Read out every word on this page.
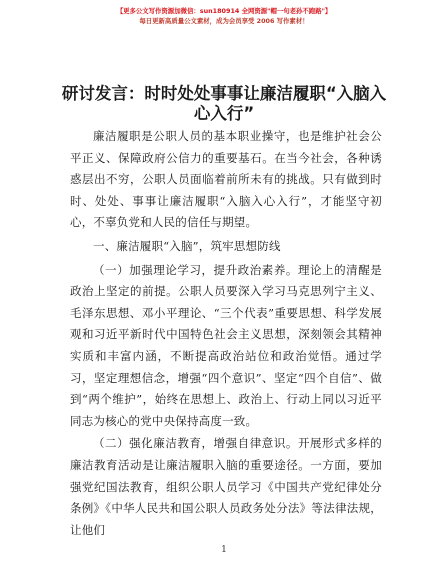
【更多公文写作资源加微信：sun180914 全网资源"帽一句老孙不跑路"】
每日更新高质量公文素材，成为会员享受 2006 写作素材！
研讨发言：时时处处事事让廉洁履职“入脑入心入行”

廉洁履职是公职人员的基本职业操守，也是维护社会公平正义、保障政府公信力的重要基石。在当今社会，各种诱惑层出不穷，公职人员面临着前所未有的挑战。只有做到时时、处处、事事让廉洁履职“入脑入心入行”，才能坚守初心，不辜负党和人民的信任与期望。

一、廉洁履职“入脑”，筑牢思想防线

（一）加强理论学习，提升政治素养。理论上的清醒是政治上坚定的前提。公职人员要深入学习马克思列宁主义、毛泽东思想、邓小平理论、“三个代表”重要思想、科学发展观和习近平新时代中国特色社会主义思想，深刻领会其精神实质和丰富内涵，不断提高政治站位和政治觉悟。通过学习，坚定理想信念，增强“四个意识”、坚定“四个自信”、做到“两个维护”，始终在思想上、政治上、行动上同以习近平同志为核心的党中央保持高度一致。

（二）强化廉洁教育，增强自律意识。开展形式多样的廉洁教育活动是让廉洁履职入脑的重要途径。一方面，要加强党纪国法教育，组织公职人员学习《中国共产党纪律处分条例》《中华人民共和国公职人员政务处分法》等法律法规，让他们

1
